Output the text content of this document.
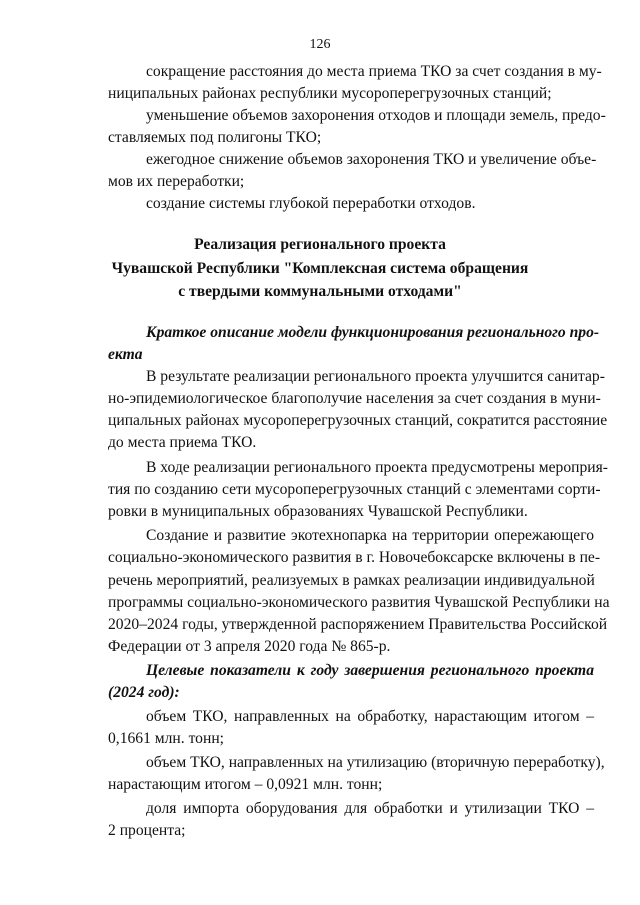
126
сокращение расстояния до места приема ТКО за счет создания в му-
ниципальных районах республики мусороперегрузочных станций;
уменьшение объемов захоронения отходов и площади земель, предо-
ставляемых под полигоны ТКО;
ежегодное снижение объемов захоронения ТКО и увеличение объе-
мов их переработки;
создание системы глубокой переработки отходов.
Реализация регионального проекта
Чувашской Республики "Комплексная система обращения
с твердыми коммунальными отходами"
Краткое описание модели функционирования регионального про-
екта
В результате реализации регионального проекта улучшится санитар-
но-эпидемиологическое благополучие населения за счет создания в муни-
ципальных районах мусороперегрузочных станций, сократится расстояние
до места приема ТКО.
В ходе реализации регионального проекта предусмотрены мероприя-
тия по созданию сети мусороперегрузочных станций с элементами сорти-
ровки в муниципальных образованиях Чувашской Республики.
Создание и развитие экотехнопарка на территории опережающего
социально-экономического развития в г. Новочебоксарске включены в пе-
речень мероприятий, реализуемых в рамках реализации индивидуальной
программы социально-экономического развития Чувашской Республики на
2020–2024 годы, утвержденной распоряжением Правительства Российской
Федерации от 3 апреля 2020 года № 865-р.
Целевые показатели к году завершения регионального проекта
(2024 год):
объем ТКО, направленных на обработку, нарастающим итогом –
0,1661 млн. тонн;
объем ТКО, направленных на утилизацию (вторичную переработку),
нарастающим итогом – 0,0921 млн. тонн;
доля импорта оборудования для обработки и утилизации ТКО –
2 процента;
